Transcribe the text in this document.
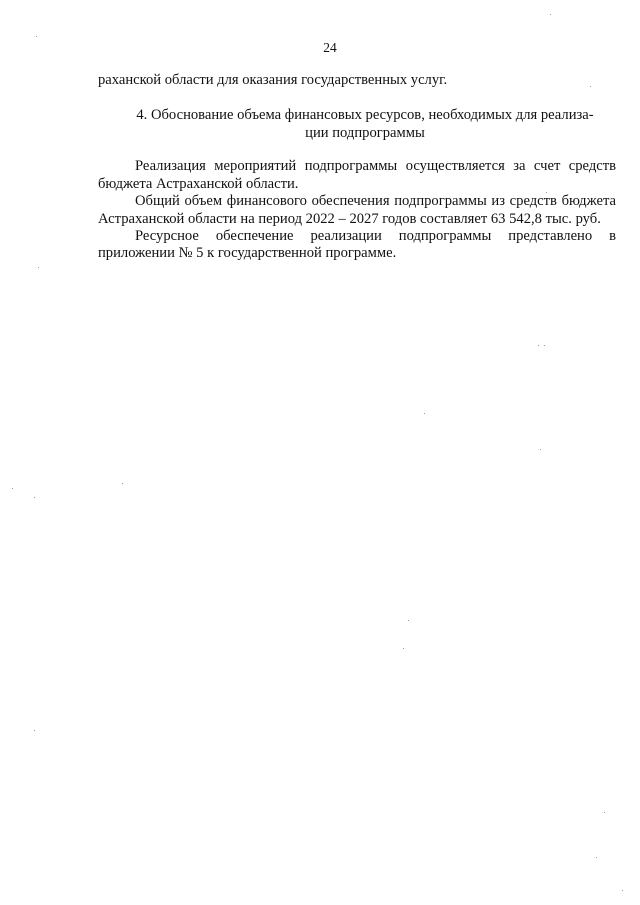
24

раханской области для оказания государственных услуг.

4. Обоснование объема финансовых ресурсов, необходимых для реализа-
ции подпрограммы

Реализация мероприятий подпрограммы осуществляется за счет средств бюджета Астраханской области.

Общий объем финансового обеспечения подпрограммы из средств бюджета Астраханской области на период 2022 – 2027 годов составляет 63 542,8 тыс. руб.

Ресурсное обеспечение реализации подпрограммы представлено в приложении № 5 к государственной программе.
